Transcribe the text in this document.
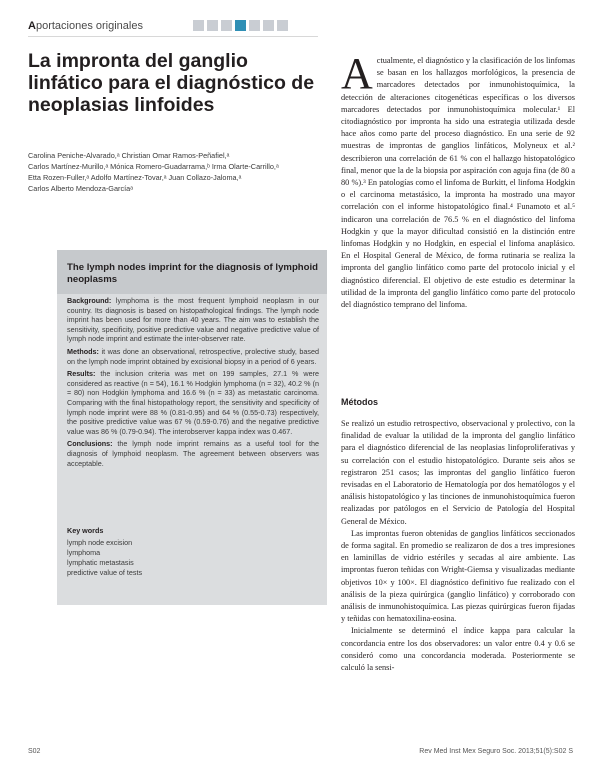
Aportaciones originales
La impronta del ganglio linfático para el diagnóstico de neoplasias linfoides
Carolina Peniche-Alvarado,ᵃ Christian Omar Ramos-Peñafiel,ᵃ
Carlos Martínez-Murillo,ᵃ Mónica Romero-Guadarrama,ᵇ Irma Olarte-Carrillo,ᵃ
Etta Rozen-Fuller,ᵃ Adolfo Martínez-Tovar,ᵃ Juan Collazo-Jaloma,ᵃ
Carlos Alberto Mendoza-Garcíaᵃ
The lymph nodes imprint for the diagnosis of lymphoid neoplasms

Background: lymphoma is the most frequent lymphoid neoplasm in our country. Its diagnosis is based on histopathological findings. The lymph node imprint has been used for more than 40 years. The aim was to establish the sensitivity, specificity, positive predictive value and negative predictive value of lymph node imprint and estimate the inter-observer rate.

Methods: it was done an observational, retrospective, prolective study, based on the lymph node imprint obtained by excisional biopsy in a period of 6 years.

Results: the inclusion criteria was met on 199 samples, 27.1 % were considered as reactive (n = 54), 16.1 % Hodgkin lymphoma (n = 32), 40.2 % (n = 80) non Hodgkin lymphoma and 16.6 % (n = 33) as metastatic carcinoma. Comparing with the final histopathology report, the sensitivity and specificity of lymph node imprint were 88 % (0.81-0.95) and 64 % (0.55-0.73) respectively, the positive predictive value was 67 % (0.59-0.76) and the negative predictive value was 86 % (0.79-0.94). The interobserver kappa index was 0.467.

Conclusions: the lymph node imprint remains as a useful tool for the diagnosis of lymphoid neoplasm. The agreement between observers was acceptable.

Key words
lymph node excision
lymphoma
lymphatic metastasis
predictive value of tests

Actualmente, el diagnóstico y la clasificación de los linfomas se basan en los hallazgos morfológicos, la presencia de marcadores detectados por inmunohistoquímica, la detección de alteraciones citogenéticas específicas o los diversos marcadores detectados por inmunohistoquímica molecular.¹ El citodiagnóstico por impronta ha sido una estrategia utilizada desde hace años como parte del proceso diagnóstico. En una serie de 92 muestras de improntas de ganglios linfáticos, Molyneux et al.² describieron una correlación de 61 % con el hallazgo histopatológico final, menor que la de la biopsia por aspiración con aguja fina (de 80 a 80 %).³ En patologías como el linfoma de Burkitt, el linfoma Hodgkin o el carcinoma metastásico, la impronta ha mostrado una mayor correlación con el informe histopatológico final.⁴ Funamoto et al.⁵ indicaron una correlación de 76.5 % en el diagnóstico del linfoma Hodgkin y que la mayor dificultad consistió en la distinción entre linfomas Hodgkin y no Hodgkin, en especial el linfoma anaplásico. En el Hospital General de México, de forma rutinaria se realiza la impronta del ganglio linfático como parte del protocolo inicial y el diagnóstico diferencial. El objetivo de este estudio es determinar la utilidad de la impronta del ganglio linfático como parte del protocolo del diagnóstico temprano del linfoma.

Métodos

Se realizó un estudio retrospectivo, observacional y prolectivo, con la finalidad de evaluar la utilidad de la impronta del ganglio linfático para el diagnóstico diferencial de las neoplasias linfoproliferativas y su correlación con el estudio histopatológico. Durante seis años se registraron 251 casos; las improntas del ganglio linfático fueron revisadas en el Laboratorio de Hematología por dos hematólogos y el análisis histopatológico y las tinciones de inmunohistoquímica fueron realizadas por patólogos en el Servicio de Patología del Hospital General de México.

Las improntas fueron obtenidas de ganglios linfáticos seccionados de forma sagital. En promedio se realizaron de dos a tres impresiones en laminillas de vidrio estériles y secadas al aire ambiente. Las improntas fueron teñidas con Wright-Giemsa y visualizadas mediante objetivos 10× y 100×. El diagnóstico definitivo fue realizado con el análisis de la pieza quirúrgica (ganglio linfático) y corroborado con análisis de inmunohistoquímica. Las piezas quirúrgicas fueron fijadas y teñidas con hematoxilina-eosina.

Inicialmente se determinó el índice kappa para calcular la concordancia entre los dos observadores: un valor entre 0.4 y 0.6 se consideró como una concordancia moderada. Posteriormente se calculó la sensi-

S02	Rev Med Inst Mex Seguro Soc. 2013;51(5):S02 S
